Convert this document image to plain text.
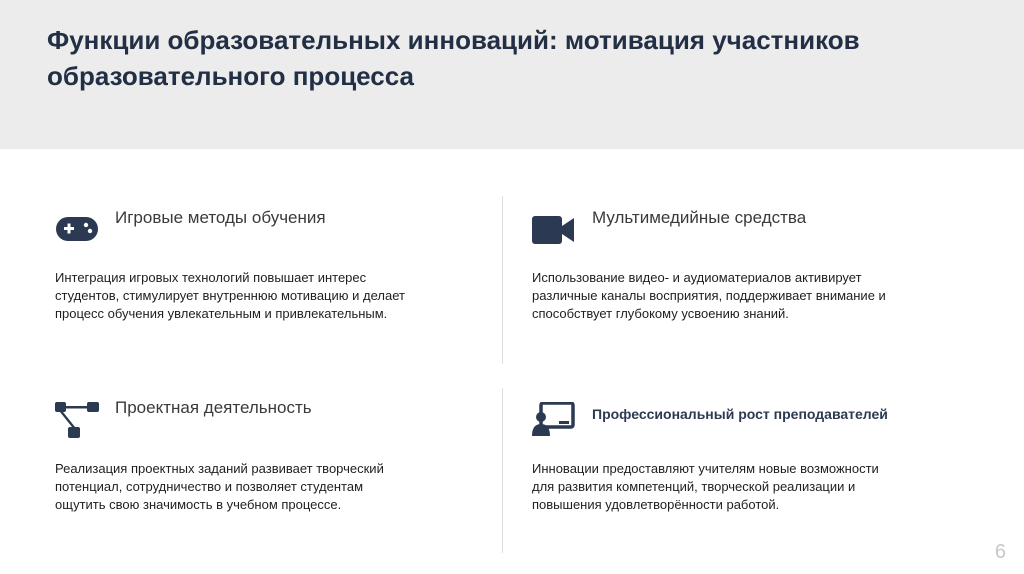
Функции образовательных инноваций: мотивация участников образовательного процесса
Игровые методы обучения
Интеграция игровых технологий повышает интерес
студентов, стимулирует внутреннюю мотивацию и делает
процесс обучения увлекательным и привлекательным.
Мультимедийные средства
Использование видео- и аудиоматериалов активирует
различные каналы восприятия, поддерживает внимание и
способствует глубокому усвоению знаний.
Проектная деятельность
Реализация проектных заданий развивает творческий
потенциал, сотрудничество и позволяет студентам
ощутить свою значимость в учебном процессе.
Профессиональный рост преподавателей
Инновации предоставляют учителям новые возможности
для развития компетенций, творческой реализации и
повышения удовлетворённости работой.
6
